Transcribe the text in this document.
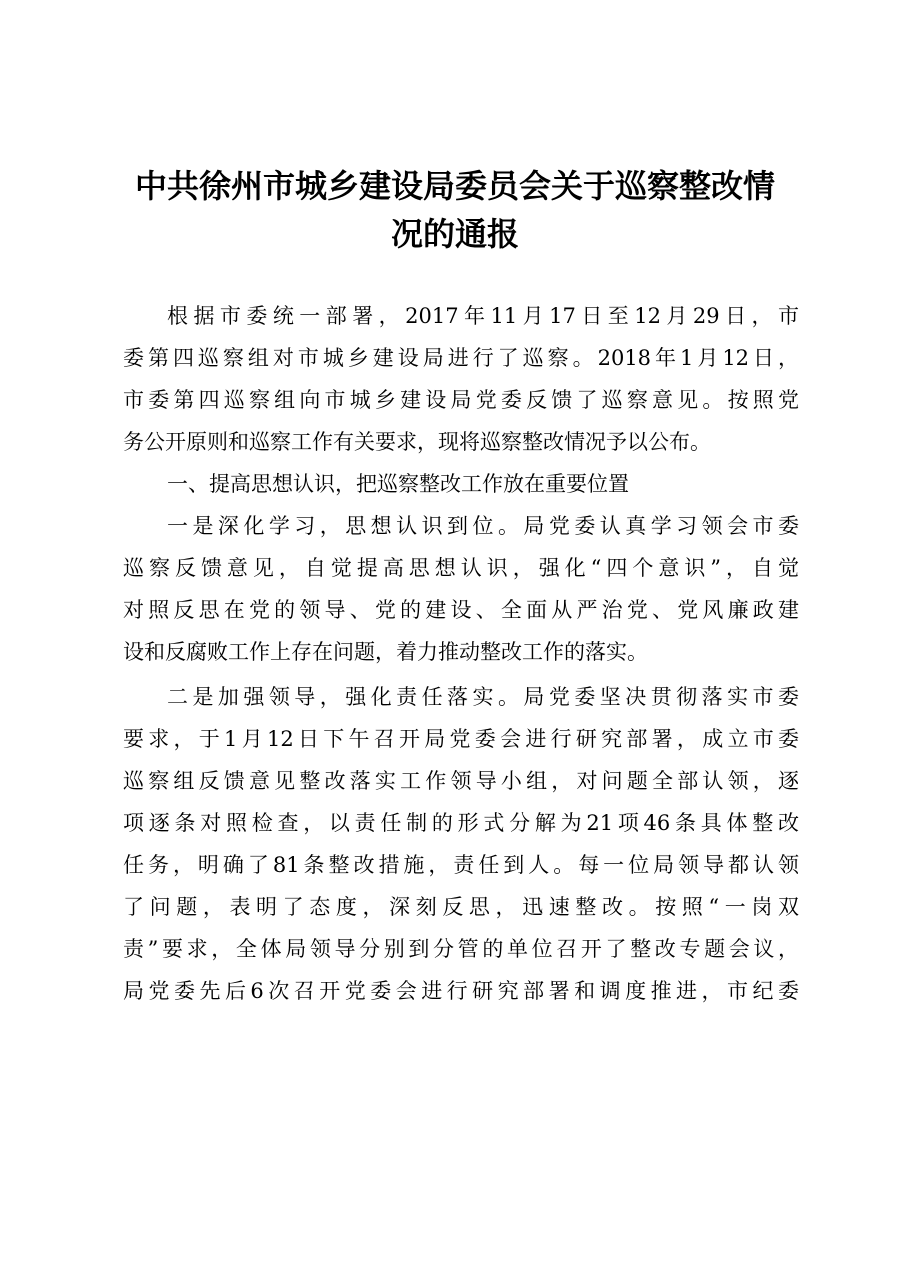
中共徐州市城乡建设局委员会关于巡察整改情
况的通报
根据市委统一部署，2017年11月17日至12月29日，市
委第四巡察组对市城乡建设局进行了巡察。2018年1月12日，
市委第四巡察组向市城乡建设局党委反馈了巡察意见。按照党
务公开原则和巡察工作有关要求，现将巡察整改情况予以公布。
一、提高思想认识，把巡察整改工作放在重要位置
一是深化学习，思想认识到位。局党委认真学习领会市委
巡察反馈意见，自觉提高思想认识，强化“四个意识”，自觉
对照反思在党的领导、党的建设、全面从严治党、党风廉政建
设和反腐败工作上存在问题，着力推动整改工作的落实。
二是加强领导，强化责任落实。局党委坚决贯彻落实市委
要求，于1月12日下午召开局党委会进行研究部署，成立市委
巡察组反馈意见整改落实工作领导小组，对问题全部认领，逐
项逐条对照检查，以责任制的形式分解为21项46条具体整改
任务，明确了81条整改措施，责任到人。每一位局领导都认领
了问题，表明了态度，深刻反思，迅速整改。按照“一岗双
责”要求，全体局领导分别到分管的单位召开了整改专题会议，
局党委先后6次召开党委会进行研究部署和调度推进，市纪委
